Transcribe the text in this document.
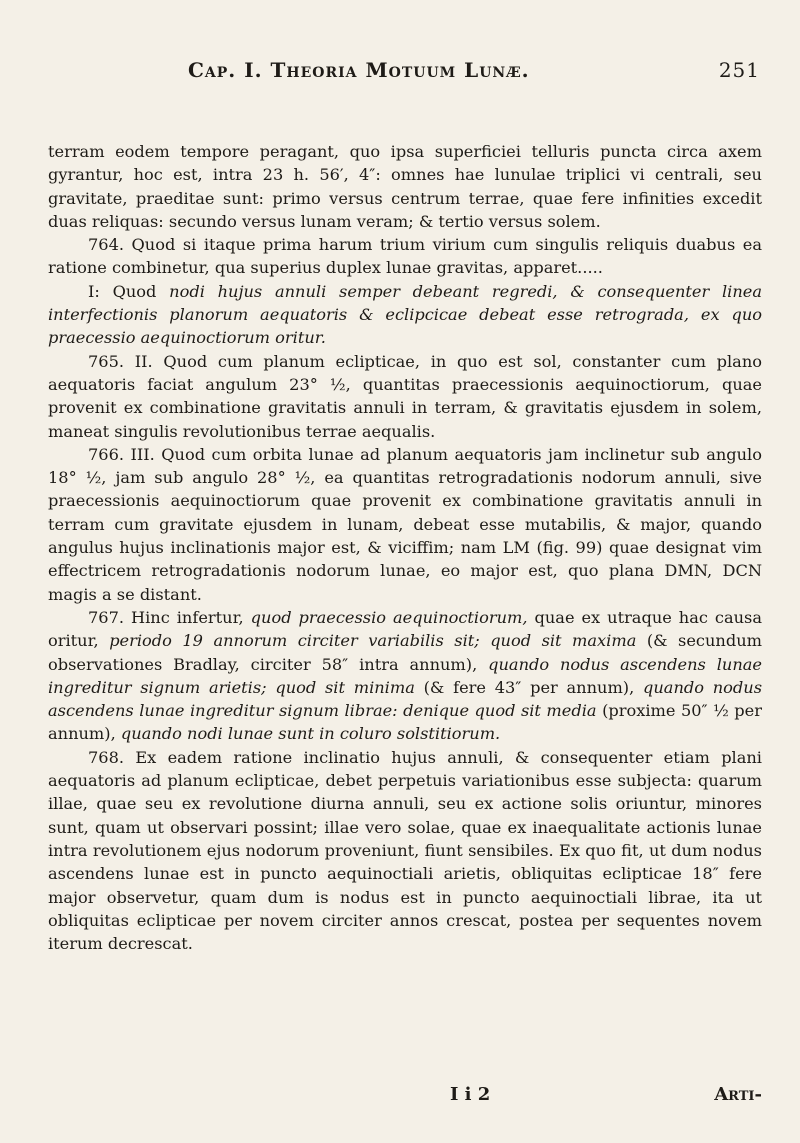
Cap. I. Theoria Motuum Lunæ.	251

terram eodem tempore peragant, quo ipsa superficiei telluris puncta circa axem gyrantur, hoc est, intra 23 h. 56′, 4″: omnes hae lunulae triplici vi centrali, seu gravitate, praeditae sunt: primo versus centrum terrae, quae fere infinities excedit duas reliquas: secundo versus lunam veram; & tertio versus solem.

764. Quod si itaque prima harum trium virium cum singulis reliquis duabus ea ratione combinetur, qua superius duplex lunae gravitas, apparet.....

I: Quod nodi hujus annuli semper debeant regredi, & consequenter linea interfectionis planorum aequatoris & eclipcicae debeat esse retrograda, ex quo praecessio aequinoctiorum oritur.

765. II. Quod cum planum eclipticae, in quo est sol, constanter cum plano aequatoris faciat angulum 23° ½, quantitas praecessionis aequinoctiorum, quae provenit ex combinatione gravitatis annuli in terram, & gravitatis ejusdem in solem, maneat singulis revolutionibus terrae aequalis.

766. III. Quod cum orbita lunae ad planum aequatoris jam inclinetur sub angulo 18° ½, jam sub angulo 28° ½, ea quantitas retrogradationis nodorum annuli, sive praecessionis aequinoctiorum quae provenit ex combinatione gravitatis annuli in terram cum gravitate ejusdem in lunam, debeat esse mutabilis, & major, quando angulus hujus inclinationis major est, & viciffim; nam LM (fig. 99) quae designat vim effectricem retrogradationis nodorum lunae, eo major est, quo plana DMN, DCN magis a se distant.

767. Hinc infertur, quod praecessio aequinoctiorum, quae ex utraque hac causa oritur, periodo 19 annorum circiter variabilis sit; quod sit maxima (& secundum observationes Bradlay, circiter 58″ intra annum), quando nodus ascendens lunae ingreditur signum arietis; quod sit minima (& fere 43″ per annum), quando nodus ascendens lunae ingreditur signum librae: denique quod sit media (proxime 50″ ½ per annum), quando nodi lunae sunt in coluro solstitiorum.

768. Ex eadem ratione inclinatio hujus annuli, & consequenter etiam plani aequatoris ad planum eclipticae, debet perpetuis variationibus esse subjecta: quarum illae, quae seu ex revolutione diurna annuli, seu ex actione solis oriuntur, minores sunt, quam ut observari possint; illae vero solae, quae ex inaequalitate actionis lunae intra revolutionem ejus nodorum proveniunt, fiunt sensibiles. Ex quo fit, ut dum nodus ascendens lunae est in puncto aequinoctiali arietis, obliquitas eclipticae 18″ fere major observetur, quam dum is nodus est in puncto aequinoctiali librae, ita ut obliquitas eclipticae per novem circiter annos crescat, postea per sequentes novem iterum decrescat.

I i 2	Arti-
